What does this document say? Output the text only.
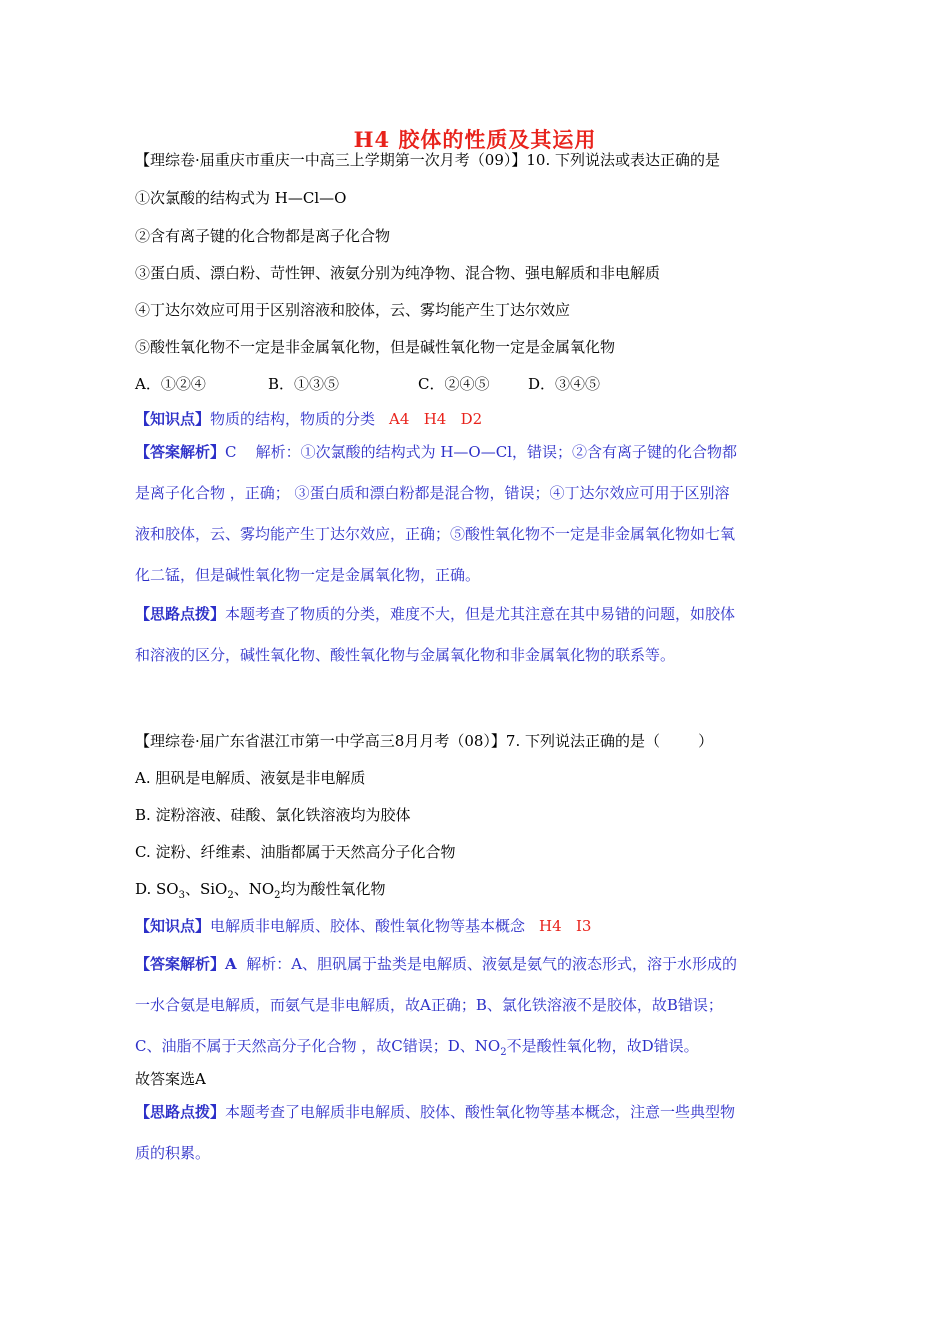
H4 胶体的性质及其运用
【理综卷·届重庆市重庆一中高三上学期第一次月考（09）】10. 下列说法或表达正确的是
①次氯酸的结构式为 H—Cl—O
②含有离子键的化合物都是离子化合物
③蛋白质、漂白粉、苛性钾、液氨分别为纯净物、混合物、强电解质和非电解质
④丁达尔效应可用于区别溶液和胶体，云、雾均能产生丁达尔效应
⑤酸性氧化物不一定是非金属氧化物，但是碱性氧化物一定是金属氧化物
A．①②④	B．①③⑤	C．②④⑤	D．③④⑤
【知识点】物质的结构，物质的分类 A4   H4   D2
【答案解析】C    解析：①次氯酸的结构式为 H—O—Cl，错误；②含有离子键的化合物都
是离子化合物 ，正确； ③蛋白质和漂白粉都是混合物，错误；④丁达尔效应可用于区别溶
液和胶体，云、雾均能产生丁达尔效应，正确；⑤酸性氧化物不一定是非金属氧化物如七氧
化二锰，但是碱性氧化物一定是金属氧化物，正确。
【思路点拨】本题考查了物质的分类，难度不大，但是尤其注意在其中易错的问题，如胶体
和溶液的区分，碱性氧化物、酸性氧化物与金属氧化物和非金属氧化物的联系等。
【理综卷·届广东省湛江市第一中学高三8月月考（08）】7. 下列说法正确的是（        ）
A. 胆矾是电解质、液氨是非电解质
B. 淀粉溶液、硅酸、氯化铁溶液均为胶体
C. 淀粉、纤维素、油脂都属于天然高分子化合物
D. $SO_3$、SiO$_2$、$NO_2$均为酸性氧化物
【知识点】电解质非电解质、胶体、酸性氧化物等基本概念 H4   I3
【答案解析】A  解析：A、胆矾属于盐类是电解质、液氨是氨气的液态形式，溶于水形成的
一水合氨是电解质，而氨气是非电解质，故A正确；B、氯化铁溶液不是胶体，故B错误；
C、油脂不属于天然高分子化合物 ，故C错误；D、$NO_2$不是酸性氧化物，故D错误。
故答案选A
【思路点拨】本题考查了电解质非电解质、胶体、酸性氧化物等基本概念，注意一些典型物
质的积累。
